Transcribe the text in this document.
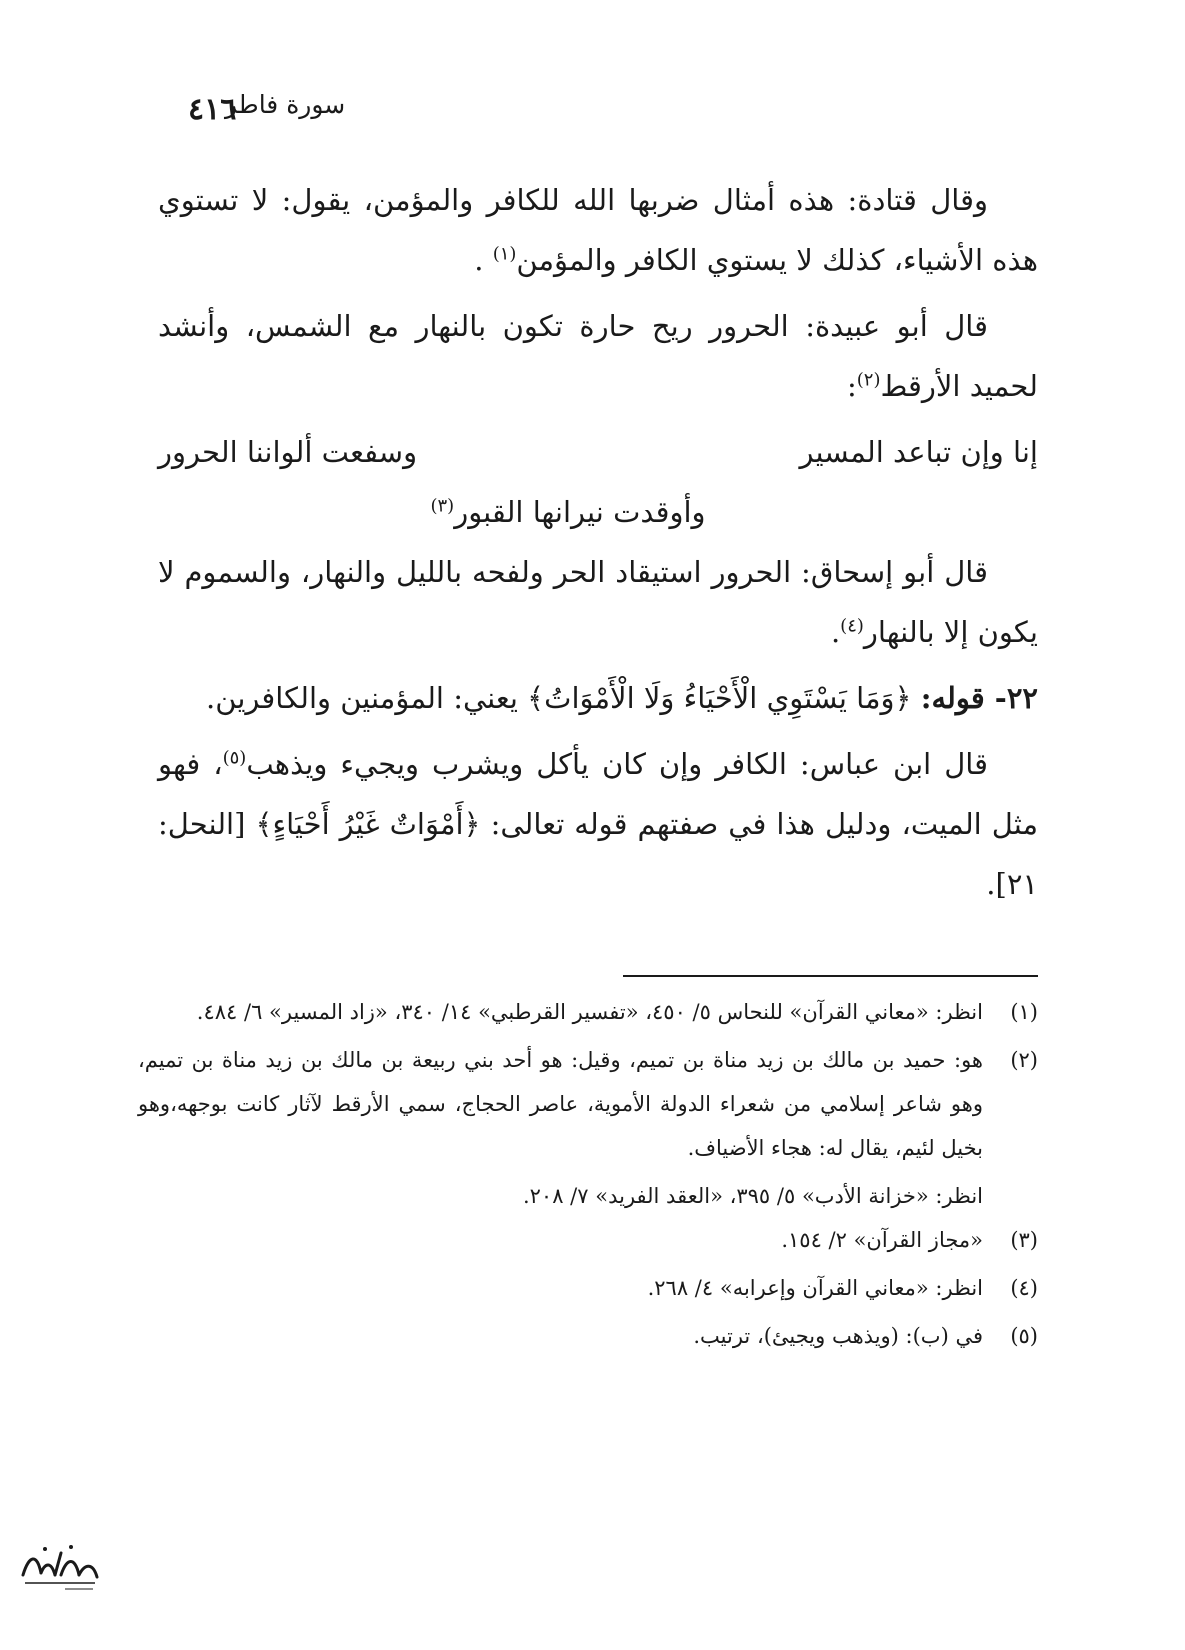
٤١٦
سورة فاطر

وقال قتادة: هذه أمثال ضربها الله للكافر والمؤمن، يقول: لا تستوي هذه الأشياء، كذلك لا يستوي الكافر والمؤمن$^{(١)}$ .

قال أبو عبيدة: الحرور ريح حارة تكون بالنهار مع الشمس، وأنشد لحميد الأرقط$^{(٢)}$:

إنا وإن تباعد المسير
وسفعت ألواننا الحرور
وأوقدت نيرانها القبور$^{(٣)}$

قال أبو إسحاق: الحرور استيقاد الحر ولفحه بالليل والنهار، والسموم لا يكون إلا بالنهار$^{(٤)}$.

٢٢- قوله: ﴿وَمَا يَسْتَوِي الْأَحْيَاءُ وَلَا الْأَمْوَاتُ﴾ يعني: المؤمنين والكافرين.

قال ابن عباس: الكافر وإن كان يأكل ويشرب ويجيء ويذهب$^{(٥)}$، فهو مثل الميت، ودليل هذا في صفتهم قوله تعالى: ﴿أَمْوَاتٌ غَيْرُ أَحْيَاءٍ﴾ [النحل: ٢١].

(١)
انظر: «معاني القرآن» للنحاس ٥/ ٤٥٠، «تفسير القرطبي» ١٤/ ٣٤٠، «زاد المسير» ٦/ ٤٨٤.
(٢)
هو: حميد بن مالك بن زيد مناة بن تميم، وقيل: هو أحد بني ربيعة بن مالك بن زيد مناة بن تميم، وهو شاعر إسلامي من شعراء الدولة الأموية، عاصر الحجاج، سمي الأرقط لآثار كانت بوجهه،وهو بخيل لئيم، يقال له: هجاء الأضياف.
انظر: «خزانة الأدب» ٥/ ٣٩٥، «العقد الفريد» ٧/ ٢٠٨.
(٣)
«مجاز القرآن» ٢/ ١٥٤.
(٤)
انظر: «معاني القرآن وإعرابه» ٤/ ٢٦٨.
(٥)
في (ب): (ويذهب ويجيئ)، ترتيب.
